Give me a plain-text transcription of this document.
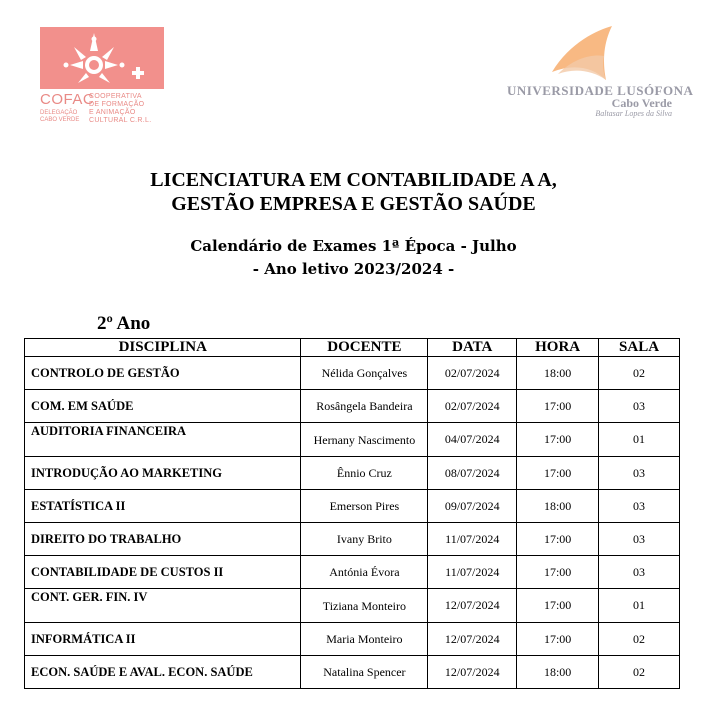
COFAC
COOPERATIVA
DE FORMAÇÃO
E ANIMAÇÃO
CULTURAL C.R.L.
DELEGAÇÃO
CABO VERDE
UNIVERSIDADE LUSÓFONA
Cabo Verde
Baltasar Lopes da Silva
LICENCIATURA EM CONTABILIDADE A A,
GESTÃO EMPRESA E GESTÃO SAÚDE
Calendário de Exames 1ª Época - Julho
- Ano letivo 2023/2024 -
2º Ano
DISCIPLINA	DOCENTE	DATA	HORA	SALA
CONTROLO DE GESTÃO	Nélida Gonçalves	02/07/2024	18:00	02
COM. EM SAÚDE	Rosângela Bandeira	02/07/2024	17:00	03
AUDITORIA FINANCEIRA	Hernany Nascimento	04/07/2024	17:00	01
INTRODUÇÃO AO MARKETING	Ênnio Cruz	08/07/2024	17:00	03
ESTATÍSTICA II	Emerson Pires	09/07/2024	18:00	03
DIREITO DO TRABALHO	Ivany Brito	11/07/2024	17:00	03
CONTABILIDADE DE CUSTOS II	Antónia Évora	11/07/2024	17:00	03
CONT. GER. FIN. IV	Tiziana Monteiro	12/07/2024	17:00	01
INFORMÁTICA II	Maria Monteiro	12/07/2024	17:00	02
ECON. SAÚDE E AVAL. ECON. SAÚDE	Natalina Spencer	12/07/2024	18:00	02
